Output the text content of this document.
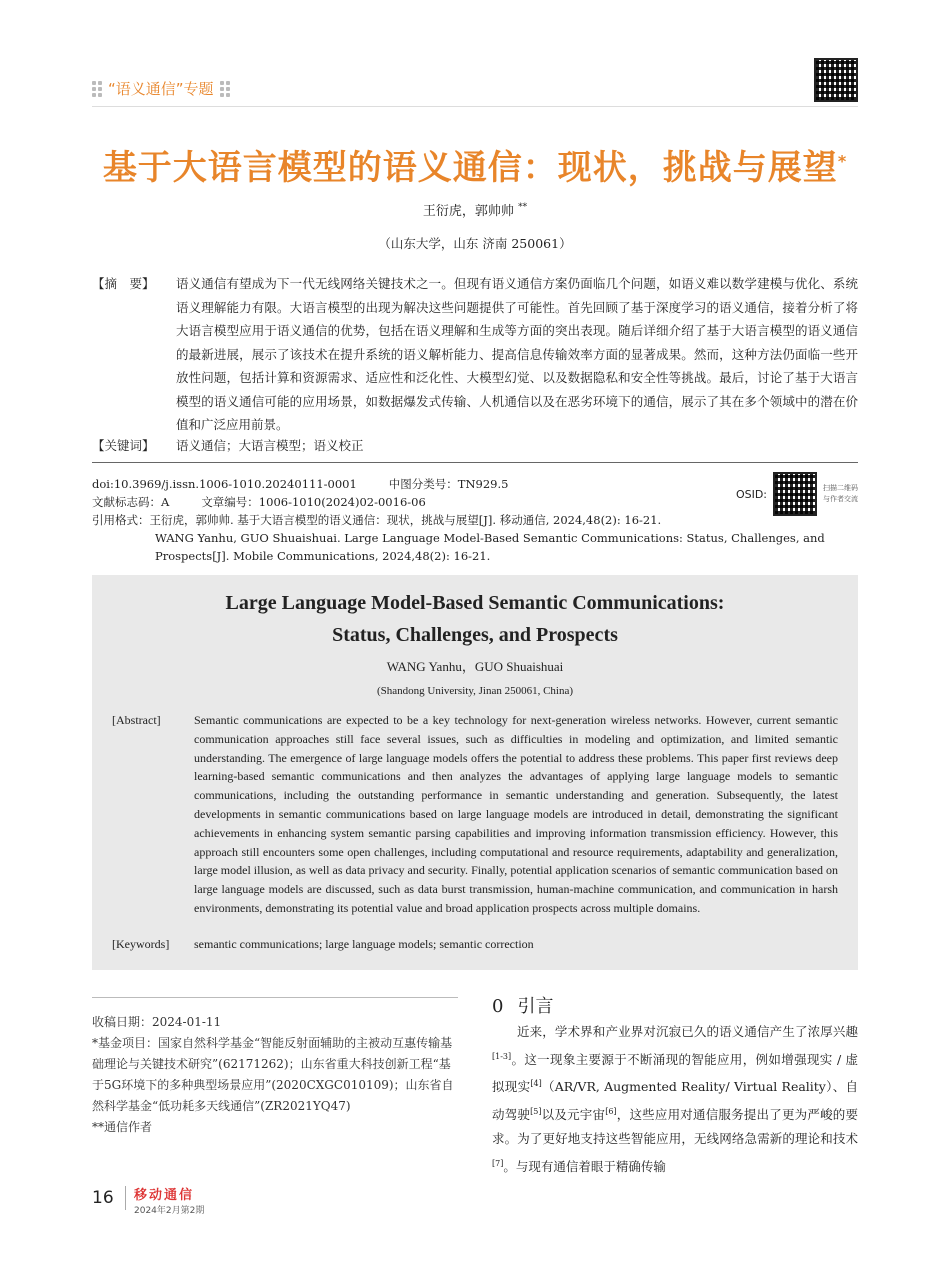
“语义通信”专题
基于大语言模型的语义通信：现状，挑战与展望*
王衍虎，郭帅帅 **
（山东大学，山东 济南 250061）
【摘　要】	语义通信有望成为下一代无线网络关键技术之一。但现有语义通信方案仍面临几个问题，如语义难以数学建模与优化、系统语义理解能力有限。大语言模型的出现为解决这些问题提供了可能性。首先回顾了基于深度学习的语义通信，接着分析了将大语言模型应用于语义通信的优势，包括在语义理解和生成等方面的突出表现。随后详细介绍了基于大语言模型的语义通信的最新进展，展示了该技术在提升系统的语义解析能力、提高信息传输效率方面的显著成果。然而，这种方法仍面临一些开放性问题，包括计算和资源需求、适应性和泛化性、大模型幻觉、以及数据隐私和安全性等挑战。最后，讨论了基于大语言模型的语义通信可能的应用场景，如数据爆发式传输、人机通信以及在恶劣环境下的通信，展示了其在多个领域中的潜在价值和广泛应用前景。
【关键词】	语义通信；大语言模型；语义校正
doi:10.3969/j.issn.1006-1010.20240111-0001	中图分类号：TN929.5
文献标志码：A	文章编号：1006-1010(2024)02-0016-06
引用格式：王衍虎，郭帅帅. 基于大语言模型的语义通信：现状，挑战与展望[J]. 移动通信, 2024,48(2): 16-21.
WANG Yanhu, GUO Shuaishuai. Large Language Model-Based Semantic Communications: Status, Challenges, and Prospects[J]. Mobile Communications, 2024,48(2): 16-21.
OSID:	扫描二维码
与作者交流
Large Language Model-Based Semantic Communications:
Status, Challenges, and Prospects
WANG Yanhu，GUO Shuaishuai
(Shandong University, Jinan 250061, China)
[Abstract]	Semantic communications are expected to be a key technology for next-generation wireless networks. However, current semantic communication approaches still face several issues, such as difficulties in modeling and optimization, and limited semantic understanding. The emergence of large language models offers the potential to address these problems. This paper first reviews deep learning-based semantic communications and then analyzes the advantages of applying large language models to semantic communications, including the outstanding performance in semantic understanding and generation. Subsequently, the latest developments in semantic communications based on large language models are introduced in detail, demonstrating the significant achievements in enhancing system semantic parsing capabilities and improving information transmission efficiency. However, this approach still encounters some open challenges, including computational and resource requirements, adaptability and generalization, large model illusion, as well as data privacy and security. Finally, potential application scenarios of semantic communication based on large language models are discussed, such as data burst transmission, human-machine communication, and communication in harsh environments, demonstrating its potential value and broad application prospects across multiple domains.
[Keywords]	semantic communications; large language models; semantic correction
收稿日期：2024-01-11
*基金项目：国家自然科学基金“智能反射面辅助的主被动互惠传输基础理论与关键技术研究”(62171262)；山东省重大科技创新工程“基于5G环境下的多种典型场景应用”(2020CXGC010109)；山东省自然科学基金“低功耗多天线通信”(ZR2021YQ47)
**通信作者
0 引言
近来，学术界和产业界对沉寂已久的语义通信产生了浓厚兴趣[1-3]。这一现象主要源于不断涌现的智能应用，例如增强现实 / 虚拟现实[4]（AR/VR, Augmented Reality/ Virtual Reality）、自动驾驶[5]以及元宇宙[6]，这些应用对通信服务提出了更为严峻的要求。为了更好地支持这些智能应用，无线网络急需新的理论和技术[7]。与现有通信着眼于精确传输
16 移动通信
2024年2月第2期
